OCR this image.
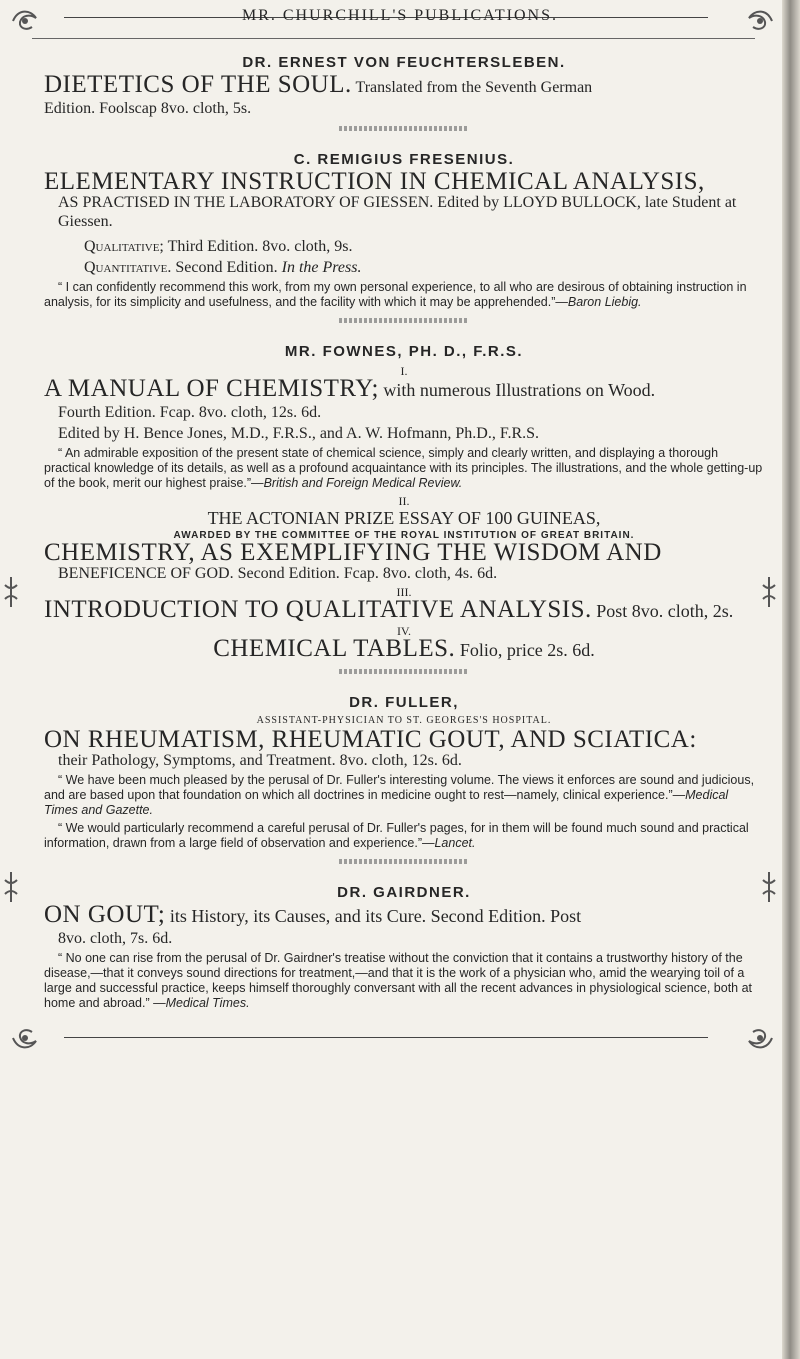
MR. CHURCHILL'S PUBLICATIONS.
DR. ERNEST VON FEUCHTERSLEBEN.
DIETETICS OF THE SOUL. Translated from the Seventh German
Edition. Foolscap 8vo. cloth, 5s.
C. REMIGIUS FRESENIUS.
ELEMENTARY INSTRUCTION IN CHEMICAL ANALYSIS,
AS PRACTISED IN THE LABORATORY OF GIESSEN. Edited by LLOYD BULLOCK, late Student at Giessen.
Qualitative; Third Edition. 8vo. cloth, 9s.
Quantitative. Second Edition. In the Press.
“ I can confidently recommend this work, from my own personal experience, to all who are desirous of obtaining instruction in analysis, for its simplicity and usefulness, and the facility with which it may be apprehended.”—Baron Liebig.
MR. FOWNES, PH. D., F.R.S.
I.
A MANUAL OF CHEMISTRY; with numerous Illustrations on Wood.
Fourth Edition. Fcap. 8vo. cloth, 12s. 6d.
Edited by H. Bence Jones, M.D., F.R.S., and A. W. Hofmann, Ph.D., F.R.S.
“ An admirable exposition of the present state of chemical science, simply and clearly written, and displaying a thorough practical knowledge of its details, as well as a profound acquaintance with its principles. The illustrations, and the whole getting-up of the book, merit our highest praise.”—British and Foreign Medical Review.
II.
THE ACTONIAN PRIZE ESSAY OF 100 GUINEAS,
AWARDED BY THE COMMITTEE OF THE ROYAL INSTITUTION OF GREAT BRITAIN.
CHEMISTRY, AS EXEMPLIFYING THE WISDOM AND
BENEFICENCE OF GOD. Second Edition. Fcap. 8vo. cloth, 4s. 6d.
III.
INTRODUCTION TO QUALITATIVE ANALYSIS. Post 8vo. cloth, 2s.
IV.
CHEMICAL TABLES. Folio, price 2s. 6d.
DR. FULLER,
ASSISTANT-PHYSICIAN TO ST. GEORGES'S HOSPITAL.
ON RHEUMATISM, RHEUMATIC GOUT, AND SCIATICA:
their Pathology, Symptoms, and Treatment. 8vo. cloth, 12s. 6d.
“ We have been much pleased by the perusal of Dr. Fuller's interesting volume. The views it enforces are sound and judicious, and are based upon that foundation on which all doctrines in medicine ought to rest—namely, clinical experience.”—Medical Times and Gazette.
“ We would particularly recommend a careful perusal of Dr. Fuller's pages, for in them will be found much sound and practical information, drawn from a large field of observation and experience.”—Lancet.
DR. GAIRDNER.
ON GOUT; its History, its Causes, and its Cure. Second Edition. Post
8vo. cloth, 7s. 6d.
“ No one can rise from the perusal of Dr. Gairdner's treatise without the conviction that it contains a trustworthy history of the disease,—that it conveys sound directions for treatment,—and that it is the work of a physician who, amid the wearying toil of a large and successful practice, keeps himself thoroughly conversant with all the recent advances in physiological science, both at home and abroad.” —Medical Times.
